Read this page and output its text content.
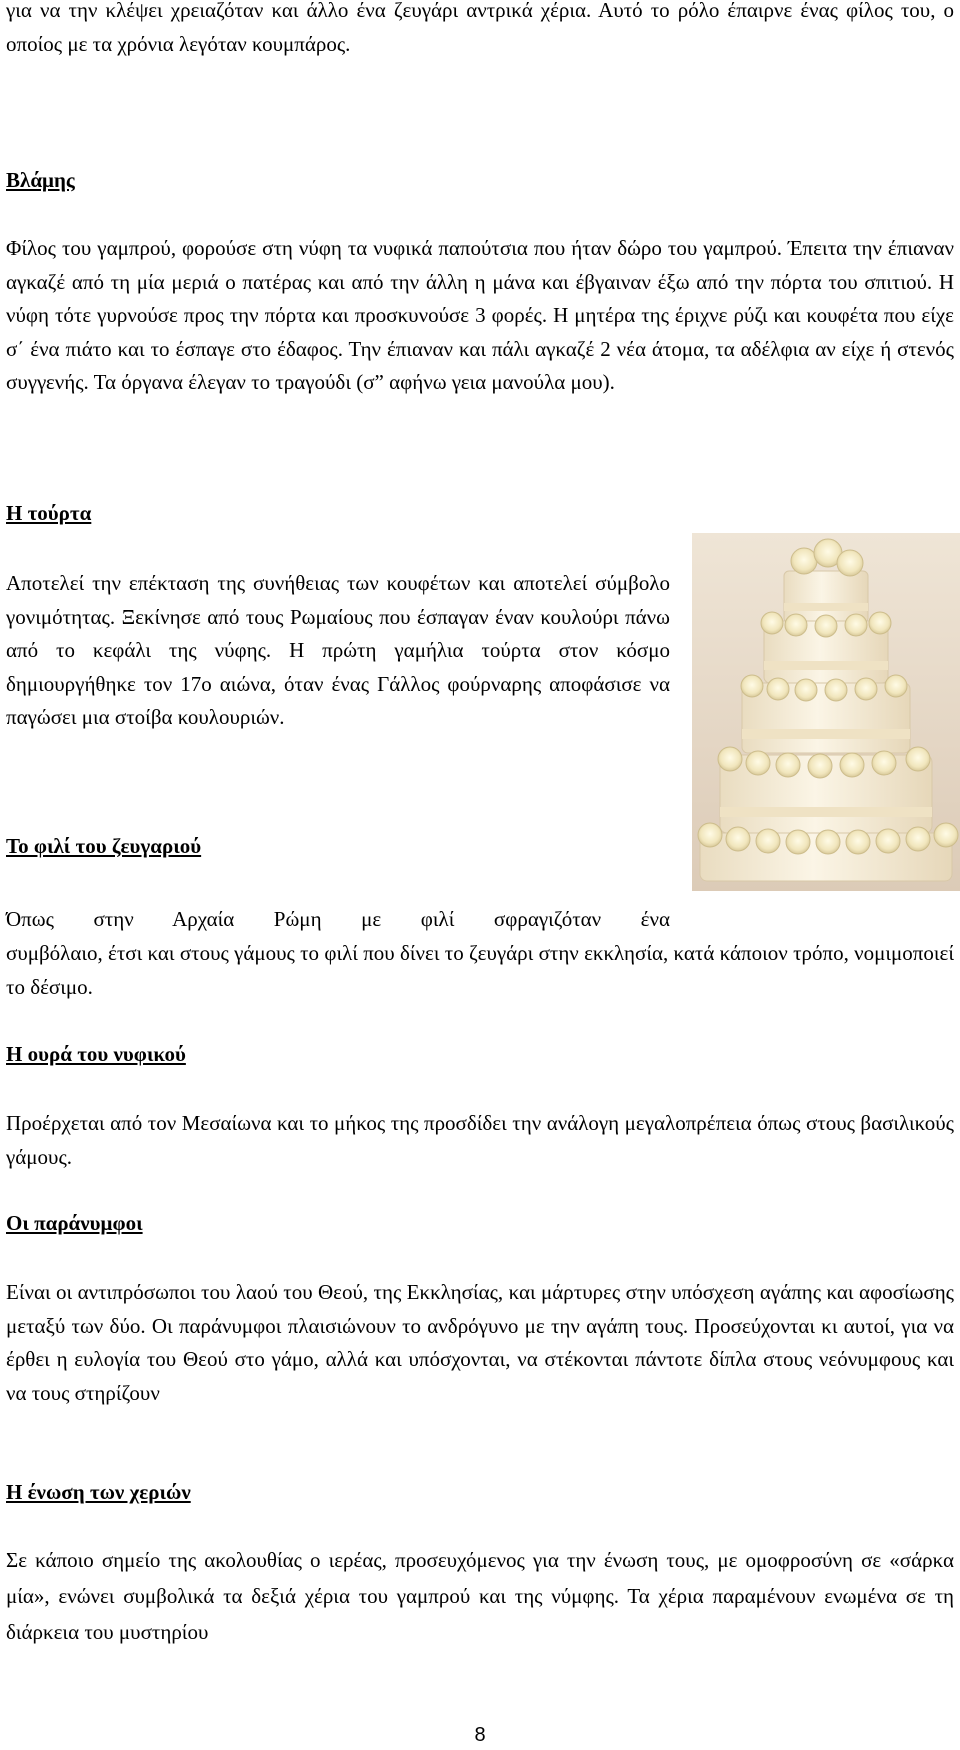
για να την κλέψει χρειαζόταν και άλλο ένα ζευγάρι αντρικά χέρια. Αυτό το ρόλο έπαιρνε ένας φίλος του, ο οποίος με τα χρόνια λεγόταν κουμπάρος.

Βλάμης

Φίλος του γαμπρού, φορούσε στη νύφη τα νυφικά παπούτσια που ήταν δώρο του γαμπρού. Έπειτα την έπιαναν αγκαζέ από τη μία μεριά ο πατέρας και από την άλλη η μάνα και έβγαιναν έξω από την πόρτα του σπιτιού. Η νύφη τότε γυρνούσε προς την πόρτα και προσκυνούσε 3 φορές. Η μητέρα της έριχνε ρύζι και κουφέτα που είχε σ΄ ένα πιάτο και το έσπαγε στο έδαφος. Την έπιαναν και πάλι αγκαζέ 2 νέα άτομα, τα αδέλφια αν είχε ή στενός συγγενής. Τα όργανα έλεγαν το τραγούδι (σ” αφήνω γεια μανούλα μου).

Η τούρτα

Αποτελεί την επέκταση της συνήθειας των κουφέτων και αποτελεί σύμβολο γονιμότητας. Ξεκίνησε από τους Ρωμαίους που έσπαγαν έναν κουλούρι πάνω από το κεφάλι της νύφης. Η πρώτη γαμήλια τούρτα στον κόσμο δημιουργήθηκε τον 17ο αιώνα, όταν ένας Γάλλος φούρναρης αποφάσισε να παγώσει μια στοίβα κουλουριών.

Το φιλί του ζευγαριού

Όπως στην Αρχαία Ρώμη με φιλί σφραγιζόταν ένα

συμβόλαιο, έτσι και στους γάμους το φιλί που δίνει το ζευγάρι στην εκκλησία, κατά κάποιον τρόπο, νομιμοποιεί το δέσιμο.

Η ουρά του νυφικού

Προέρχεται από τον Μεσαίωνα και το μήκος της προσδίδει την ανάλογη μεγαλοπρέπεια όπως στους βασιλικούς γάμους.

Οι παράνυμφοι

Είναι οι αντιπρόσωποι του λαού του Θεού, της Εκκλησίας, και μάρτυρες στην υπόσχεση αγάπης και αφοσίωσης μεταξύ των δύο. Οι παράνυμφοι πλαισιώνουν το ανδρόγυνο με την αγάπη τους. Προσεύχονται κι αυτοί, για να έρθει η ευλογία του Θεού στο γάμο, αλλά και υπόσχονται, να στέκονται πάντοτε δίπλα στους νεόνυμφους και να τους στηρίζουν

Η ένωση των χεριών

Σε κάποιο σημείο της ακολουθίας ο ιερέας, προσευχόμενος για την ένωση τους, με ομοφροσύνη σε «σάρκα μία», ενώνει συμβολικά τα δεξιά χέρια του γαμπρού και της νύμφης. Τα χέρια παραμένουν ενωμένα σε τη διάρκεια του μυστηρίου

8
